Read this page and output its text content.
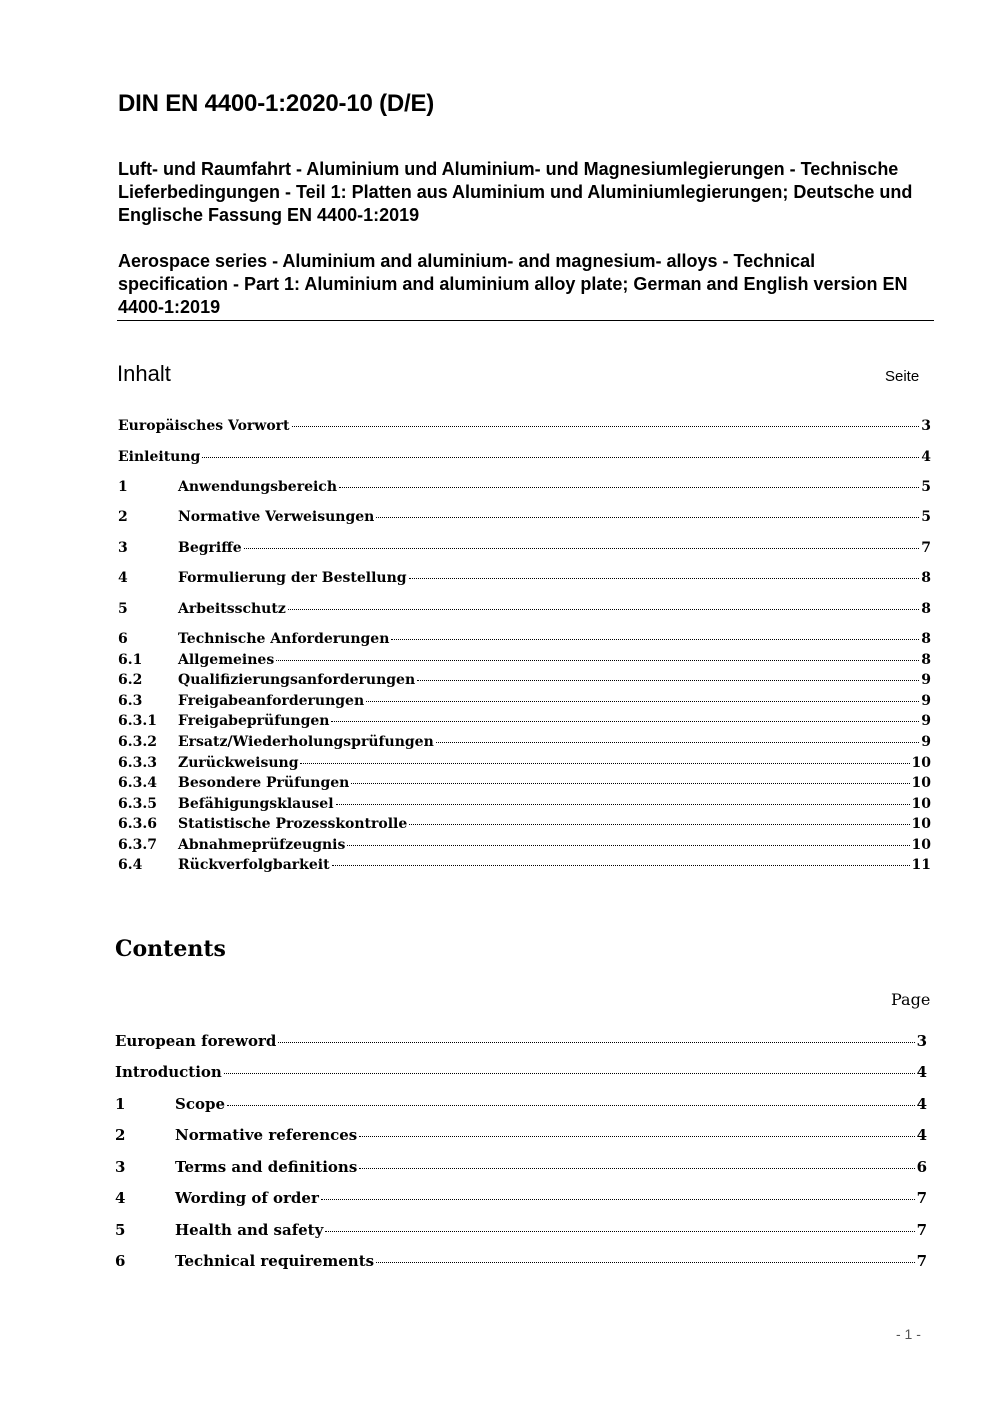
DIN EN 4400-1:2020-10 (D/E)
Luft- und Raumfahrt - Aluminium und Aluminium- und Magnesiumlegierungen - Technische Lieferbedingungen - Teil 1: Platten aus Aluminium und Aluminiumlegierungen; Deutsche und Englische Fassung EN 4400-1:2019
Aerospace series - Aluminium and aluminium- and magnesium- alloys - Technical specification - Part 1: Aluminium and aluminium alloy plate; German and English version EN 4400-1:2019
Inhalt	Seite
Europäisches Vorwort	3
Einleitung	4
1	Anwendungsbereich	5
2	Normative Verweisungen	5
3	Begriffe	7
4	Formulierung der Bestellung	8
5	Arbeitsschutz	8
6	Technische Anforderungen	8
6.1	Allgemeines	8
6.2	Qualifizierungsanforderungen	9
6.3	Freigabeanforderungen	9
6.3.1	Freigabeprüfungen	9
6.3.2	Ersatz/Wiederholungsprüfungen	9
6.3.3	Zurückweisung	10
6.3.4	Besondere Prüfungen	10
6.3.5	Befähigungsklausel	10
6.3.6	Statistische Prozesskontrolle	10
6.3.7	Abnahmeprüfzeugnis	10
6.4	Rückverfolgbarkeit	11
Contents
Page
European foreword	3
Introduction	4
1	Scope	4
2	Normative references	4
3	Terms and definitions	6
4	Wording of order	7
5	Health and safety	7
6	Technical requirements	7
- 1 -
